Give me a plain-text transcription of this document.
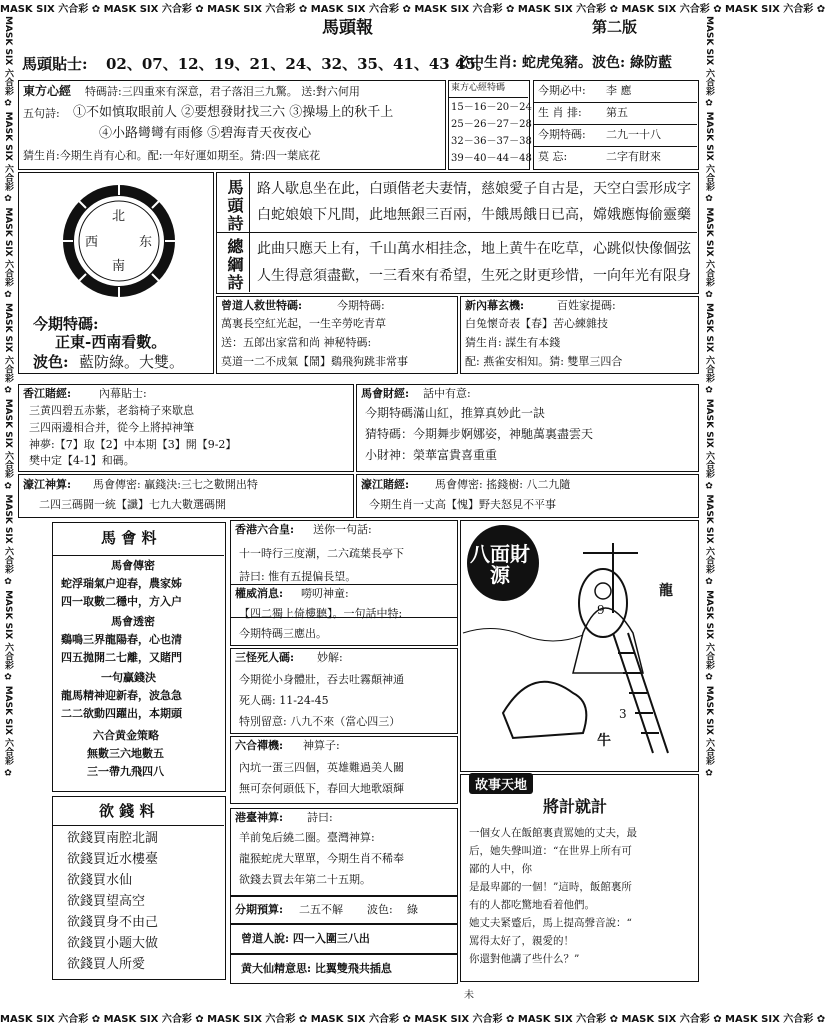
MASK SIX 六合彩 ✿ MASK SIX 六合彩 ✿ MASK SIX 六合彩 ✿ MASK SIX 六合彩 ✿ MASK SIX 六合彩 ✿ MASK SIX 六合彩 ✿ MASK SIX 六合彩 ✿ MASK SIX 六合彩 ✿
MASK SIX 六合彩 ✿ MASK SIX 六合彩 ✿ MASK SIX 六合彩 ✿ MASK SIX 六合彩 ✿ MASK SIX 六合彩 ✿ MASK SIX 六合彩 ✿ MASK SIX 六合彩 ✿ MASK SIX 六合彩 ✿
MASK SIX 六合彩 ✿ MASK SIX 六合彩 ✿ MASK SIX 六合彩 ✿ MASK SIX 六合彩 ✿ MASK SIX 六合彩 ✿ MASK SIX 六合彩 ✿ MASK SIX 六合彩 ✿ MASK SIX 六合彩 ✿	MASK SIX 六合彩 ✿ MASK SIX 六合彩 ✿ MASK SIX 六合彩 ✿ MASK SIX 六合彩 ✿ MASK SIX 六合彩 ✿ MASK SIX 六合彩 ✿ MASK SIX 六合彩 ✿ MASK SIX 六合彩 ✿
馬頭報	第二版
馬頭貼士: 02、07、12、19、21、24、32、35、41、43 45。
必中生肖: 蛇虎兔豬。 波色: 綠防藍
東方心經 特碼詩:三四重來有深意，君子落泪三九驚。 送:對六何用
五句詩: ①不如慎取眼前人 ②要想發財找三六 ③操場上的秋千上
④小路彎彎有雨修 ⑤碧海青天夜夜心
猜生肖:今期生肖有心和。配:一年好運如期至。猜:四一葉底花
東方心經特碼
15－16－20－24
25－26－27－28
32－36－37－38
39－40－44－48
今期必中: 李 應
生 肖 排: 第五
今期特碼: 二九一十八
莫 忘:	二字有財來
北
西	东
南
今期特碼:
正東-西南看數。
波色: 藍防綠。大雙。
馬頭詩 路人歇息坐在此，白頭偕老夫妻情，慈娘愛子自古是，天空白雲形成字
白蛇娘娘下凡間，此地無銀三百兩，牛餓馬餓日已高，嫦娥應悔偷靈藥
總綱詩 此曲只應天上有，千山萬水相挂念，地上黄牛在吃草，心跳似快像個弦
人生得意須盡歡，一三看來有希望，生死之財更珍惜，一向年光有限身
曾道人救世特碼:	今期特碼:
萬裏長空紅光起，一生辛勞吃青草
送：五郎出家當和尚 神秘特碼:
莫道一二不成氣【鬧】鷄飛狗跳非常事
新內幕玄機:	百姓家提碼:
白兔懷奇表【春】苦心練雜技
猜生肖: 謀生有本錢
配: 燕雀安相知。猜: 雙單三四合
香江賭經:	內幕貼士:
三黄四碧五赤紫，老翁椅子來歇息
三四兩邊相合并，從今上將掉神筆
神夢:【7】取【2】中本期【3】開【9-2】
樊中定【4-1】和碼。
馬會財經: 話中有意:
今期特碼滿山紅，推算真妙此一訣
猜特碼：今期舞步婀娜姿，神馳萬裏盡雲天
小財神：榮華富貴喜重重
濠江神算: 馬會傳密: 贏錢決:三七之數開出特
二四三碼闘一統【讖】七九大數選碼開
濠江賭經: 馬會傳密: 搖錢樹: 八二九隨
今期生肖一丈高【愧】野夫怒見不平事
馬 會 料
馬會傳密
蛇浮瑞氣户迎春，農家姊
四一取數二穩中，方入户
馬會透密
鷄鳴三界龍陽春，心也清
四五拋開二七離，又賭門
一句贏錢決
龍馬精神迎新春，波急急
二二欲動四躍出，本期頭
六合黄金策略
無數三六地數五
三一帶九飛四八
欲 錢 料
欲錢買南腔北調
欲錢買近水樓臺
欲錢買水仙
欲錢買望高空
欲錢買身不由己
欲錢買小题大做
欲錢買人所愛
香港六合皇: 送你一句話:
十一時行三度潮，二六疏葉長亭下
詩曰: 惟有五提偏長望。
權威消息: 嘮叨神童:
【四二獨上倚樓聽】。一句話中特:
今期特碼三應出。
三怪死人碼: 妙解:
今期從小身體壯，吞去吐霧顛神通
死人碼: 11-24-45
特別留意: 八九不來（當心四三）
六合禪機: 神算子:
內坑一蛋三四個，英雄難過美人關
無可奈何頭低下，春回大地歌頌輝
港臺神算: 詩曰:
羊前兔后繞二圈。臺灣神算:
龍猴蛇虎大單單，今期生肖不稀奉
欲錢去買去年第二十五期。
分期預算: 二五不解 波色: 綠
曾道人說: 四一入圍三八出
黄大仙精意思: 比翼雙飛共插息
八面財源
龍
9
3
牛
故事天地
將計就計
一個女人在飯館裏責罵她的丈夫，最
后，她失聲叫道：“在世界上所有可
鄙的人中，你
是最卑鄙的一個！”這時，飯館裏所
有的人都吃驚地看着他們。
她丈夫紧蹙后，馬上提高聲音說：“
罵得太好了，親愛的！
你還對他講了些什么？”
未
